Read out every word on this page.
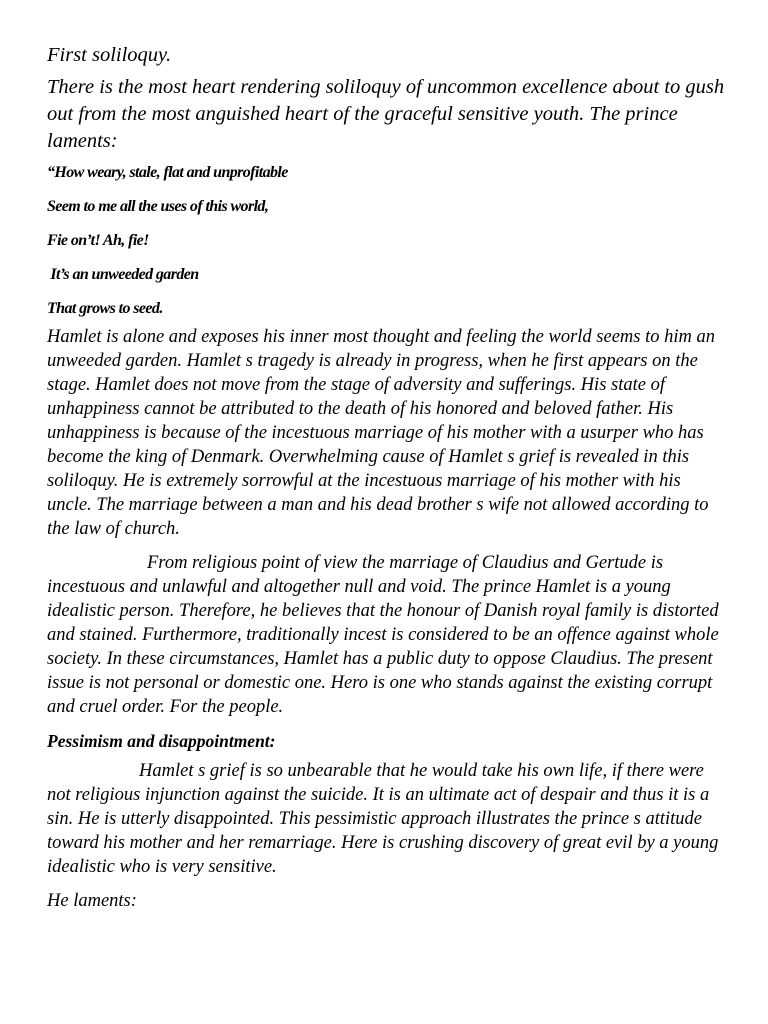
First soliloquy.

There is the most heart rendering soliloquy of uncommon excellence about to gush out from the most anguished heart of the graceful sensitive youth. The prince laments:

“How weary, stale, flat and unprofitable

Seem to me all the uses of this world,

Fie on’t! Ah, fie!

It’s an unweeded garden

That grows to seed.

Hamlet is alone and exposes his inner most thought and feeling the world seems to him an unweeded garden. Hamlet s tragedy is already in progress, when he first appears on the stage. Hamlet does not move from the stage of adversity and sufferings. His state of unhappiness cannot be attributed to the death of his honored and beloved father. His unhappiness is because of the incestuous marriage of his mother with a usurper who has become the king of Denmark. Overwhelming cause of Hamlet s grief is revealed in this soliloquy. He is extremely sorrowful at the incestuous marriage of his mother with his uncle. The marriage between a man and his dead brother s wife not allowed according to the law of church.

From religious point of view the marriage of Claudius and Gertude is incestuous and unlawful and altogether null and void. The prince Hamlet is a young idealistic person. Therefore, he believes that the honour of Danish royal family is distorted and stained. Furthermore, traditionally incest is considered to be an offence against whole society. In these circumstances, Hamlet has a public duty to oppose Claudius. The present issue is not personal or domestic one. Hero is one who stands against the existing corrupt and cruel order. For the people.

Pessimism and disappointment:

Hamlet s grief is so unbearable that he would take his own life, if there were not religious injunction against the suicide. It is an ultimate act of despair and thus it is a sin. He is utterly disappointed. This pessimistic approach illustrates the prince s attitude toward his mother and her remarriage. Here is crushing discovery of great evil by a young idealistic who is very sensitive.

He laments:
